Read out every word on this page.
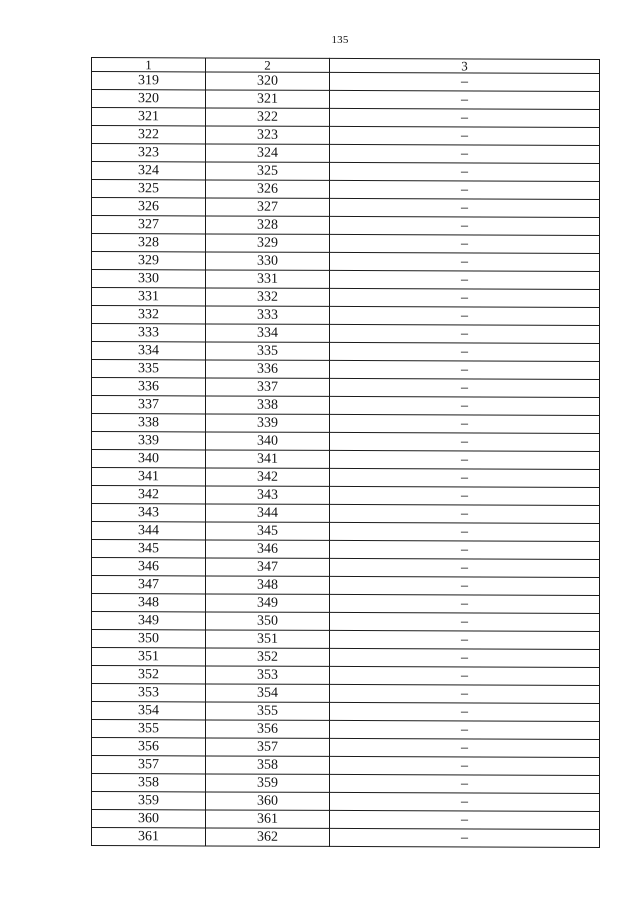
135
1	2	3
319	320	–
320	321	–
321	322	–
322	323	–
323	324	–
324	325	–
325	326	–
326	327	–
327	328	–
328	329	–
329	330	–
330	331	–
331	332	–
332	333	–
333	334	–
334	335	–
335	336	–
336	337	–
337	338	–
338	339	–
339	340	–
340	341	–
341	342	–
342	343	–
343	344	–
344	345	–
345	346	–
346	347	–
347	348	–
348	349	–
349	350	–
350	351	–
351	352	–
352	353	–
353	354	–
354	355	–
355	356	–
356	357	–
357	358	–
358	359	–
359	360	–
360	361	–
361	362	–
